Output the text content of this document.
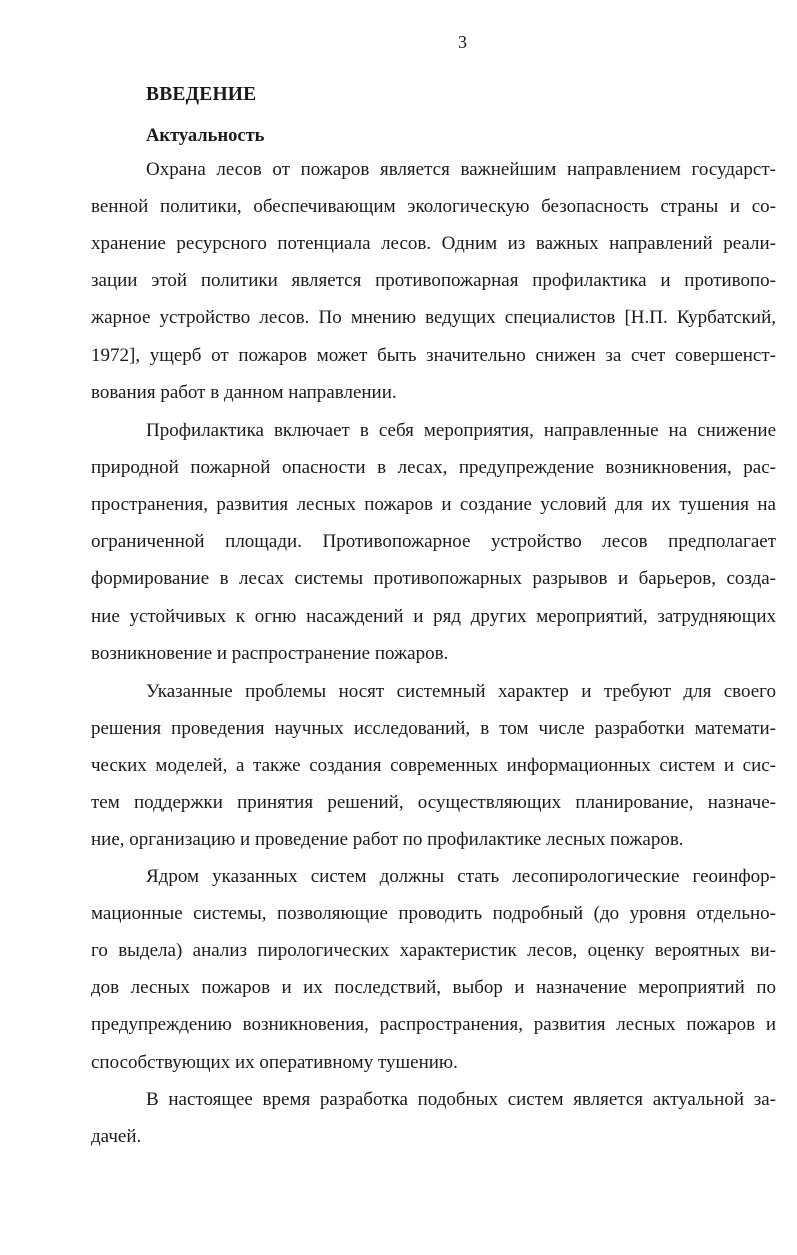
3
ВВЕДЕНИЕ
Актуальность
Охрана лесов от пожаров является важнейшим направлением государст-
венной политики, обеспечивающим экологическую безопасность страны и со-
хранение ресурсного потенциала лесов. Одним из важных направлений реали-
зации этой политики является противопожарная профилактика и противопо-
жарное устройство лесов. По мнению ведущих специалистов [Н.П. Курбатский,
1972], ущерб от пожаров может быть значительно снижен за счет совершенст-
вования работ в данном направлении.
Профилактика включает в себя мероприятия, направленные на снижение
природной пожарной опасности в лесах, предупреждение возникновения, рас-
пространения, развития лесных пожаров и создание условий для их тушения на
ограниченной площади. Противопожарное устройство лесов предполагает
формирование в лесах системы противопожарных разрывов и барьеров, созда-
ние устойчивых к огню насаждений и ряд других мероприятий, затрудняющих
возникновение и распространение пожаров.
Указанные проблемы носят системный характер и требуют для своего
решения проведения научных исследований, в том числе разработки математи-
ческих моделей, а также создания современных информационных систем и сис-
тем поддержки принятия решений, осуществляющих планирование, назначе-
ние, организацию и проведение работ по профилактике лесных пожаров.
Ядром указанных систем должны стать лесопирологические геоинфор-
мационные системы, позволяющие проводить подробный (до уровня отдельно-
го выдела) анализ пирологических характеристик лесов, оценку вероятных ви-
дов лесных пожаров и их последствий, выбор и назначение мероприятий по
предупреждению возникновения, распространения, развития лесных пожаров и
способствующих их оперативному тушению.
В настоящее время разработка подобных систем является актуальной за-
дачей.
